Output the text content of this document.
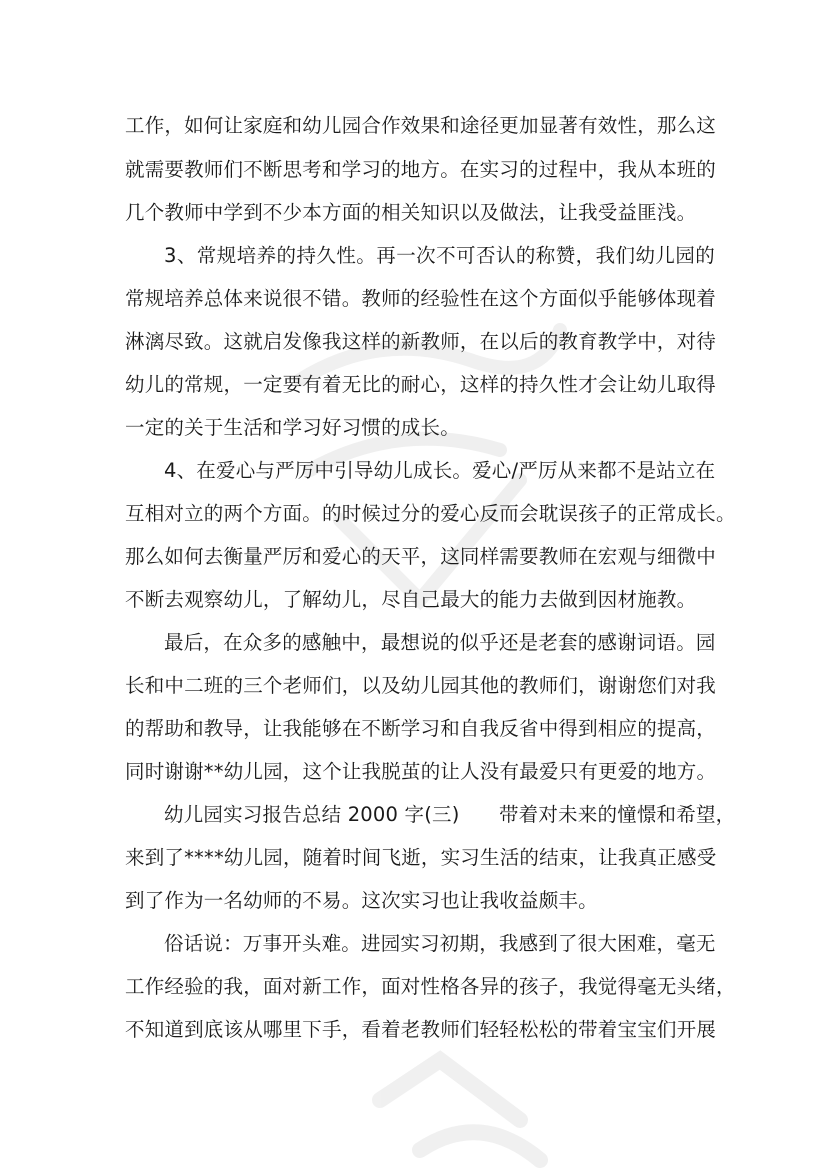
工作，如何让家庭和幼儿园合作效果和途径更加显著有效性，那么这
就需要教师们不断思考和学习的地方。在实习的过程中，我从本班的
几个教师中学到不少本方面的相关知识以及做法，让我受益匪浅。
3、常规培养的持久性。再一次不可否认的称赞，我们幼儿园的
常规培养总体来说很不错。教师的经验性在这个方面似乎能够体现着
淋漓尽致。这就启发像我这样的新教师，在以后的教育教学中，对待
幼儿的常规，一定要有着无比的耐心，这样的持久性才会让幼儿取得
一定的关于生活和学习好习惯的成长。
4、在爱心与严厉中引导幼儿成长。爱心/严厉从来都不是站立在
互相对立的两个方面。的时候过分的爱心反而会耽误孩子的正常成长。
那么如何去衡量严厉和爱心的天平，这同样需要教师在宏观与细微中
不断去观察幼儿，了解幼儿，尽自己最大的能力去做到因材施教。
最后，在众多的感触中，最想说的似乎还是老套的感谢词语。园
长和中二班的三个老师们，以及幼儿园其他的教师们，谢谢您们对我
的帮助和教导，让我能够在不断学习和自我反省中得到相应的提高，
同时谢谢**幼儿园，这个让我脱茧的让人没有最爱只有更爱的地方。
幼儿园实习报告总结 2000 字(三)　　带着对未来的憧憬和希望，
来到了****幼儿园，随着时间飞逝，实习生活的结束，让我真正感受
到了作为一名幼师的不易。这次实习也让我收益颇丰。
俗话说：万事开头难。进园实习初期，我感到了很大困难，毫无
工作经验的我，面对新工作，面对性格各异的孩子，我觉得毫无头绪，
不知道到底该从哪里下手，看着老教师们轻轻松松的带着宝宝们开展
